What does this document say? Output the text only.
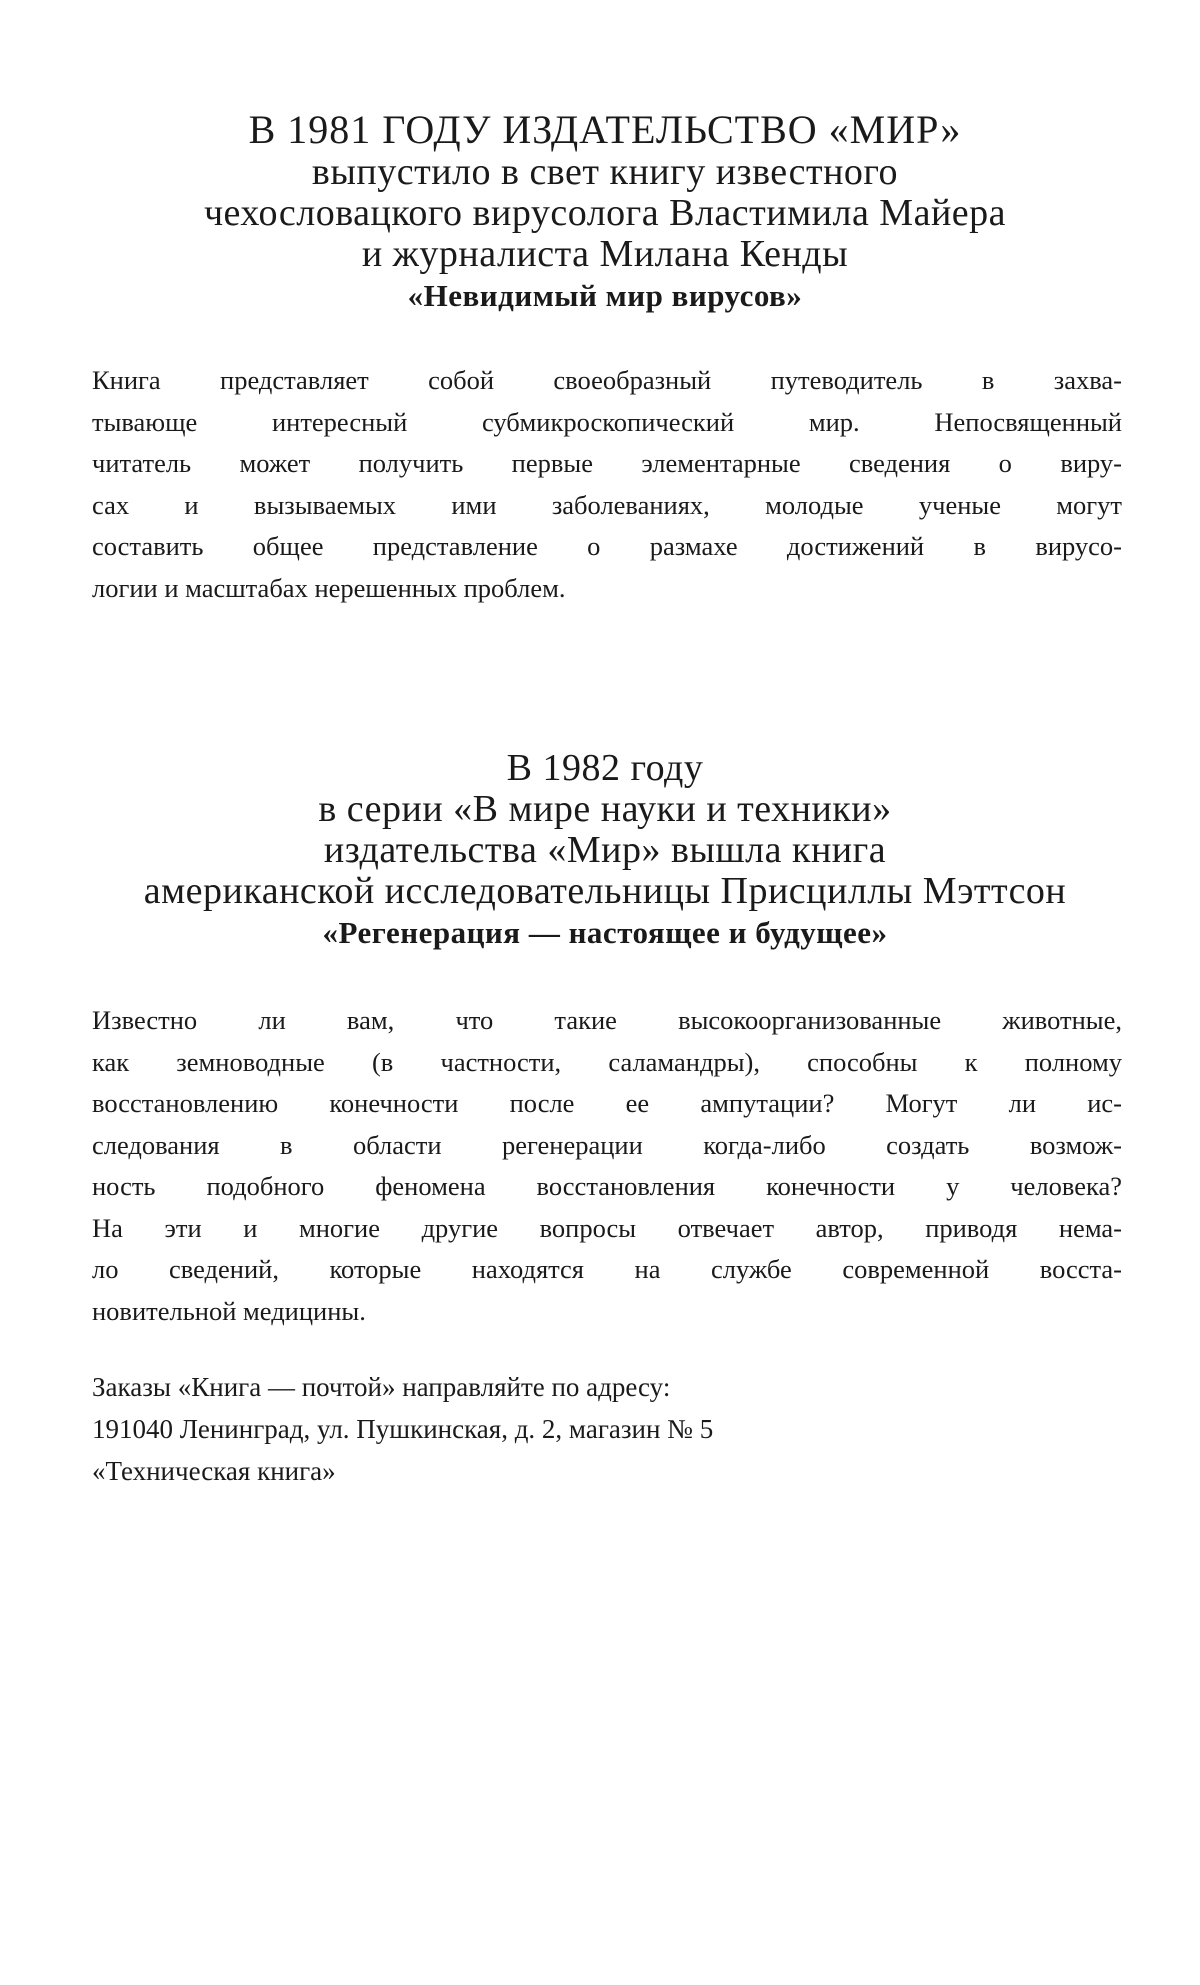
В 1981 ГОДУ ИЗДАТЕЛЬСТВО «МИР»
выпустило в свет книгу известного
чехословацкого вирусолога Властимила Майера
и журналиста Милана Кенды
«Невидимый мир вирусов»
Книга представляет собой своеобразный путеводитель в захва-
тывающе интересный субмикроскопический мир. Непосвященный
читатель может получить первые элементарные сведения о виру-
сах и вызываемых ими заболеваниях, молодые ученые могут
составить общее представление о размахе достижений в вирусо-
логии и масштабах нерешенных проблем.
В 1982 году
в серии «В мире науки и техники»
издательства «Мир» вышла книга
американской исследовательницы Присциллы Мэттсон
«Регенерация — настоящее и будущее»
Известно ли вам, что такие высокоорганизованные животные,
как земноводные (в частности, саламандры), способны к полному
восстановлению конечности после ее ампутации? Могут ли ис-
следования в области регенерации когда-либо создать возмож-
ность подобного феномена восстановления конечности у человека?
На эти и многие другие вопросы отвечает автор, приводя нема-
ло сведений, которые находятся на службе современной восста-
новительной медицины.
Заказы «Книга — почтой» направляйте по адресу:
191040 Ленинград, ул. Пушкинская, д. 2, магазин № 5
«Техническая книга»
